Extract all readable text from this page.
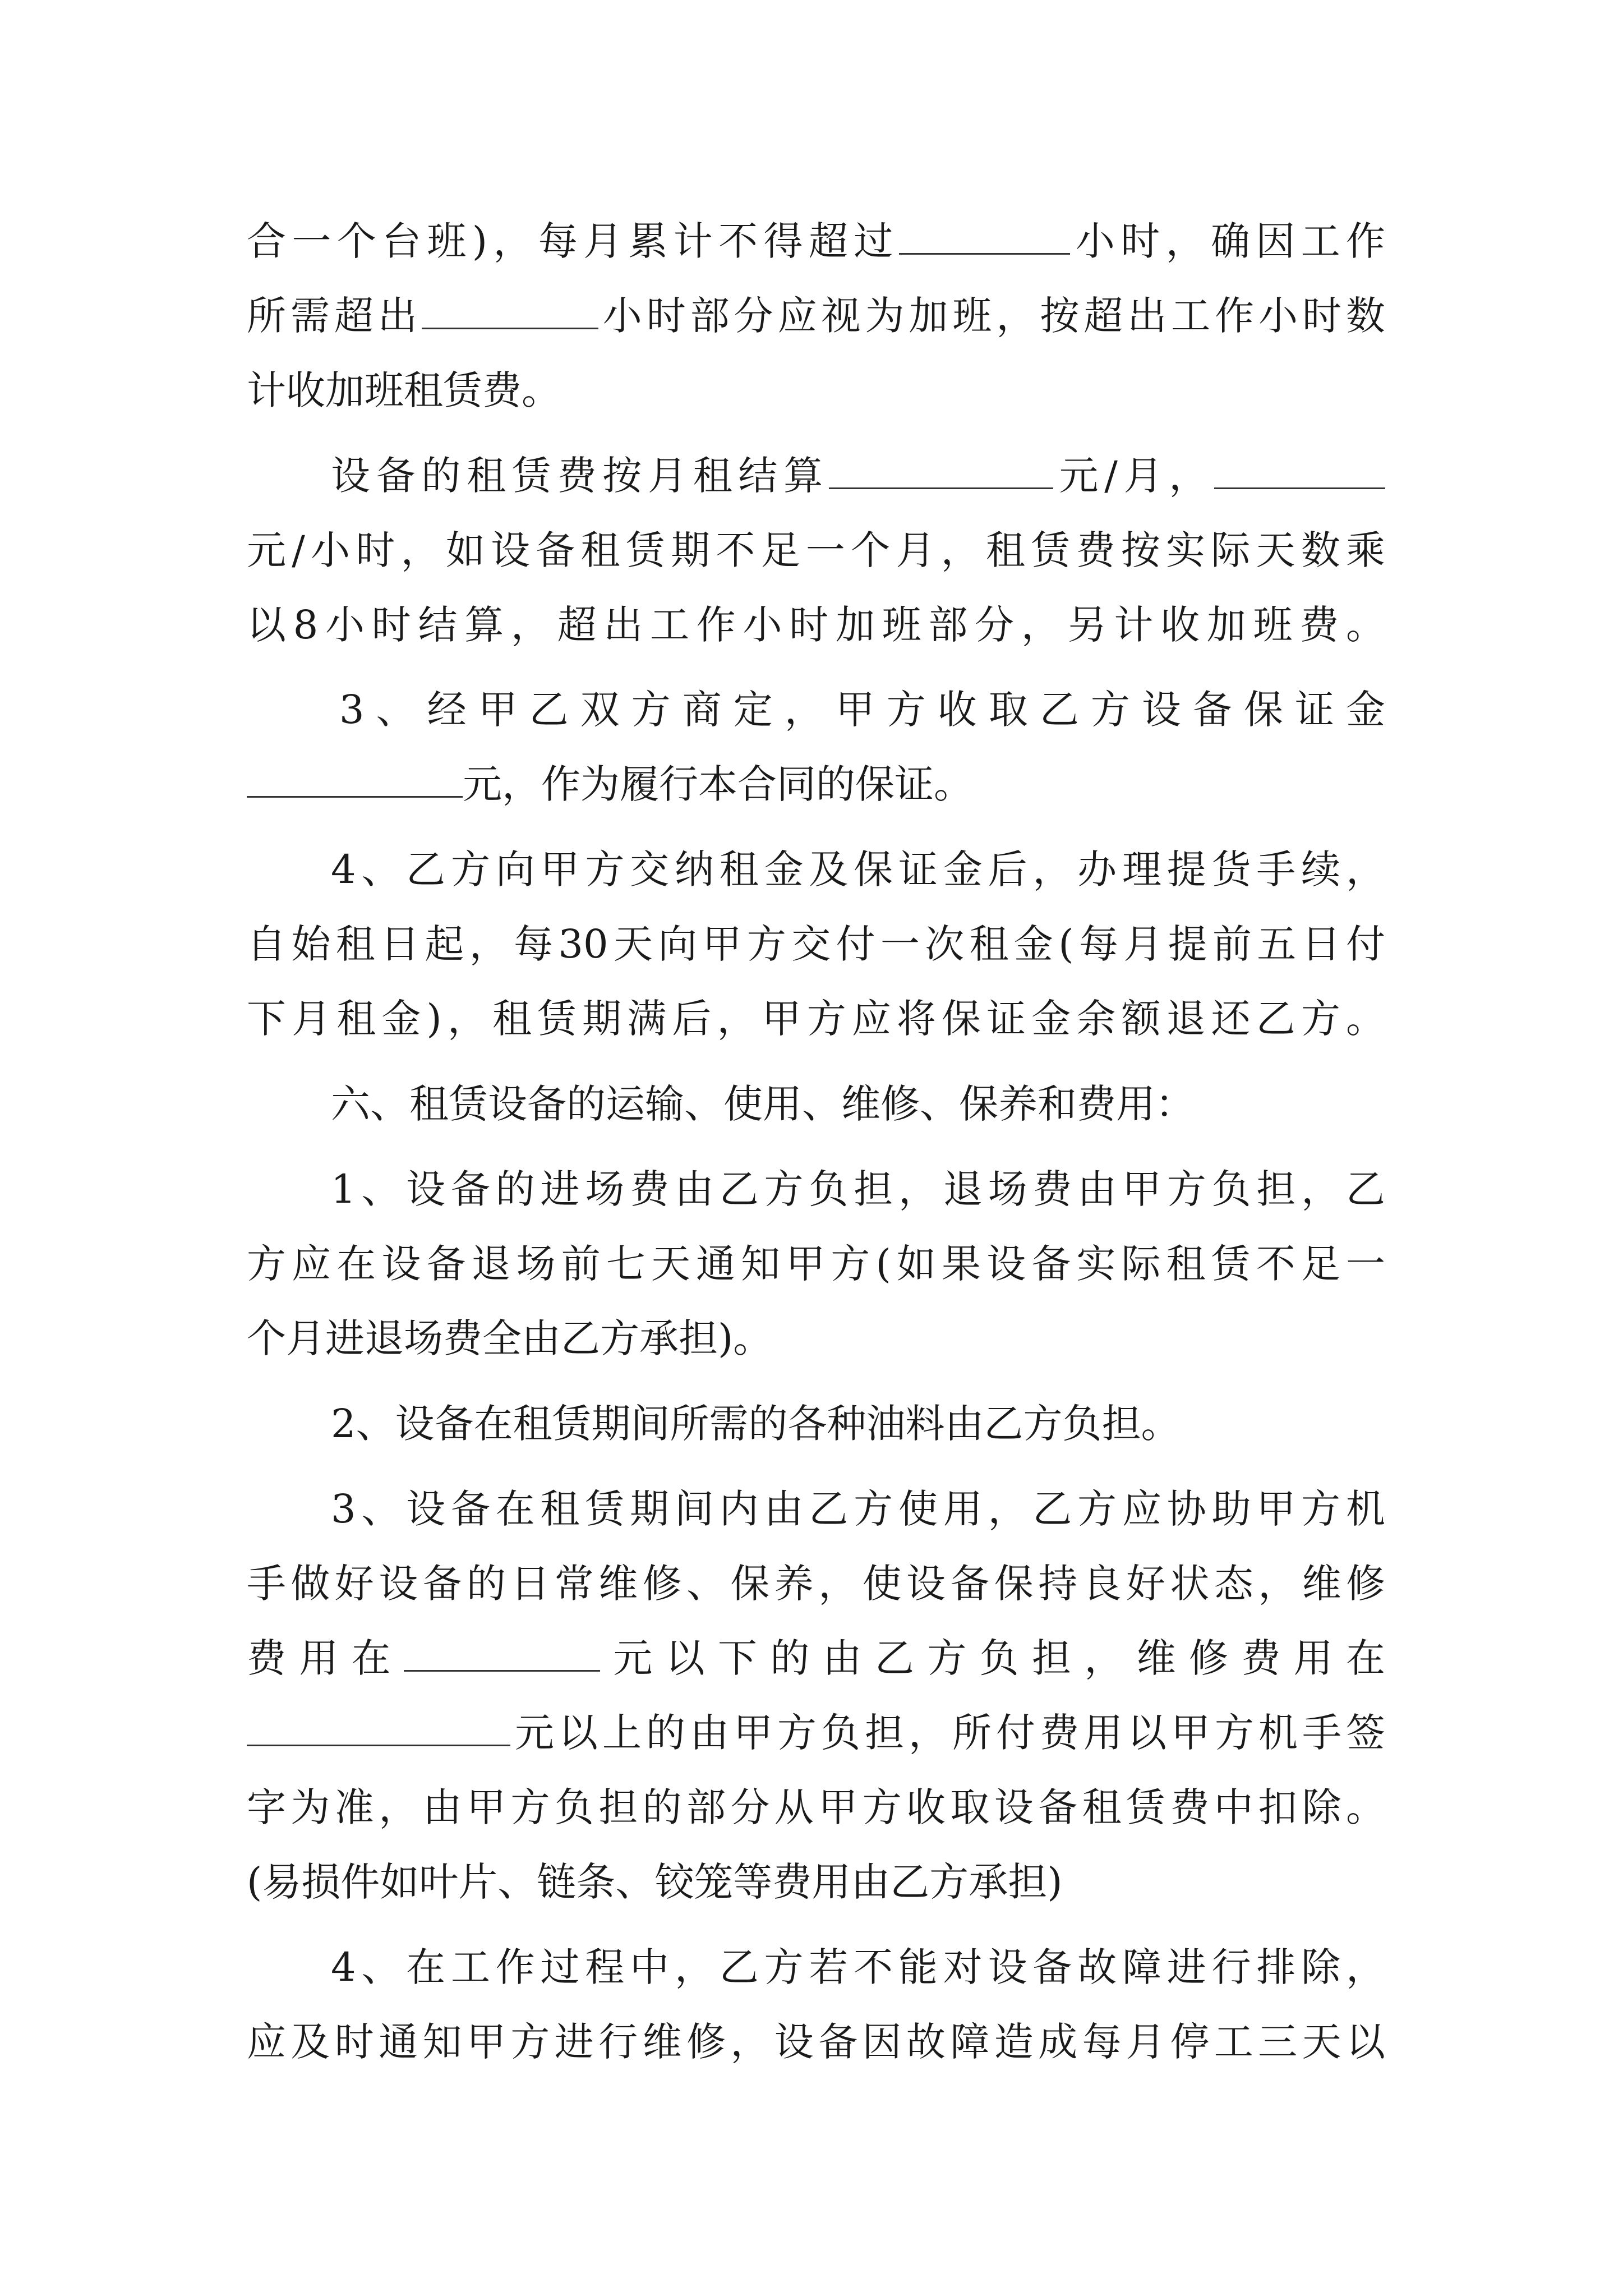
合一个台班)，每月累计不得超过	小时，确因工作
所需超出	小时部分应视为加班，按超出工作小时数
计收加班租赁费。
设备的租赁费按月租结算	元/月，
元/小时，如设备租赁期不足一个月，租赁费按实际天数乘
以8小时结算，超出工作小时加班部分，另计收加班费。
3、经甲乙双方商定，甲方收取乙方设备保证金
元，作为履行本合同的保证。
4、乙方向甲方交纳租金及保证金后，办理提货手续，
自始租日起，每30天向甲方交付一次租金(每月提前五日付
下月租金)，租赁期满后，甲方应将保证金余额退还乙方。
六、租赁设备的运输、使用、维修、保养和费用：
1、设备的进场费由乙方负担，退场费由甲方负担，乙
方应在设备退场前七天通知甲方(如果设备实际租赁不足一
个月进退场费全由乙方承担)。
2、设备在租赁期间所需的各种油料由乙方负担。
3、设备在租赁期间内由乙方使用，乙方应协助甲方机
手做好设备的日常维修、保养，使设备保持良好状态，维修
费用在	元以下的由乙方负担，维修费用在
元以上的由甲方负担，所付费用以甲方机手签
字为准，由甲方负担的部分从甲方收取设备租赁费中扣除。
(易损件如叶片、链条、铰笼等费用由乙方承担)
4、在工作过程中，乙方若不能对设备故障进行排除，
应及时通知甲方进行维修，设备因故障造成每月停工三天以
